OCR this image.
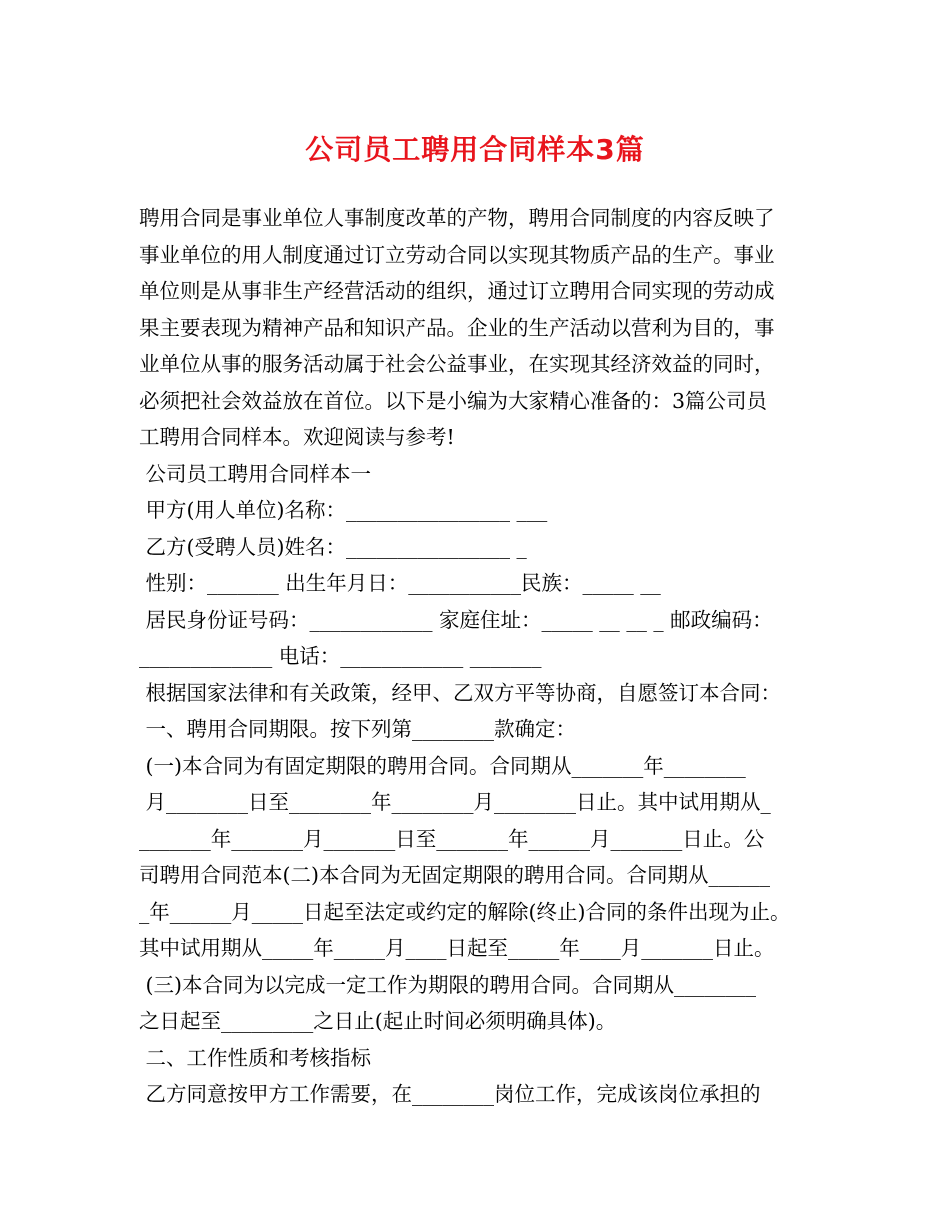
公司员工聘用合同样本3篇
聘用合同是事业单位人事制度改革的产物，聘用合同制度的内容反映了
事业单位的用人制度通过订立劳动合同以实现其物质产品的生产。事业
单位则是从事非生产经营活动的组织，通过订立聘用合同实现的劳动成
果主要表现为精神产品和知识产品。企业的生产活动以营利为目的，事
业单位从事的服务活动属于社会公益事业，在实现其经济效益的同时，
必须把社会效益放在首位。以下是小编为大家精心准备的：3篇公司员
工聘用合同样本。欢迎阅读与参考!
公司员工聘用合同样本一
甲方(用人单位)名称：________________ ___
乙方(受聘人员)姓名：________________ _
性别：_______ 出生年月日：___________民族：_____ __
居民身份证号码：____________ 家庭住址：_____ __ __ _ 邮政编码：
_____________ 电话：____________ _______
根据国家法律和有关政策，经甲、乙双方平等协商，自愿签订本合同：
一、聘用合同期限。按下列第________款确定：
(一)本合同为有固定期限的聘用合同。合同期从_______年________
月________日至________年________月________日止。其中试用期从_
_______年_______月_______日至_______年______月_______日止。公
司聘用合同范本(二)本合同为无固定期限的聘用合同。合同期从______
_年______月_____日起至法定或约定的解除(终止)合同的条件出现为止。
其中试用期从_____年_____月____日起至_____年____月_______日止。
(三)本合同为以完成一定工作为期限的聘用合同。合同期从________
之日起至_________之日止(起止时间必须明确具体)。
二、工作性质和考核指标
乙方同意按甲方工作需要，在________岗位工作，完成该岗位承担的
